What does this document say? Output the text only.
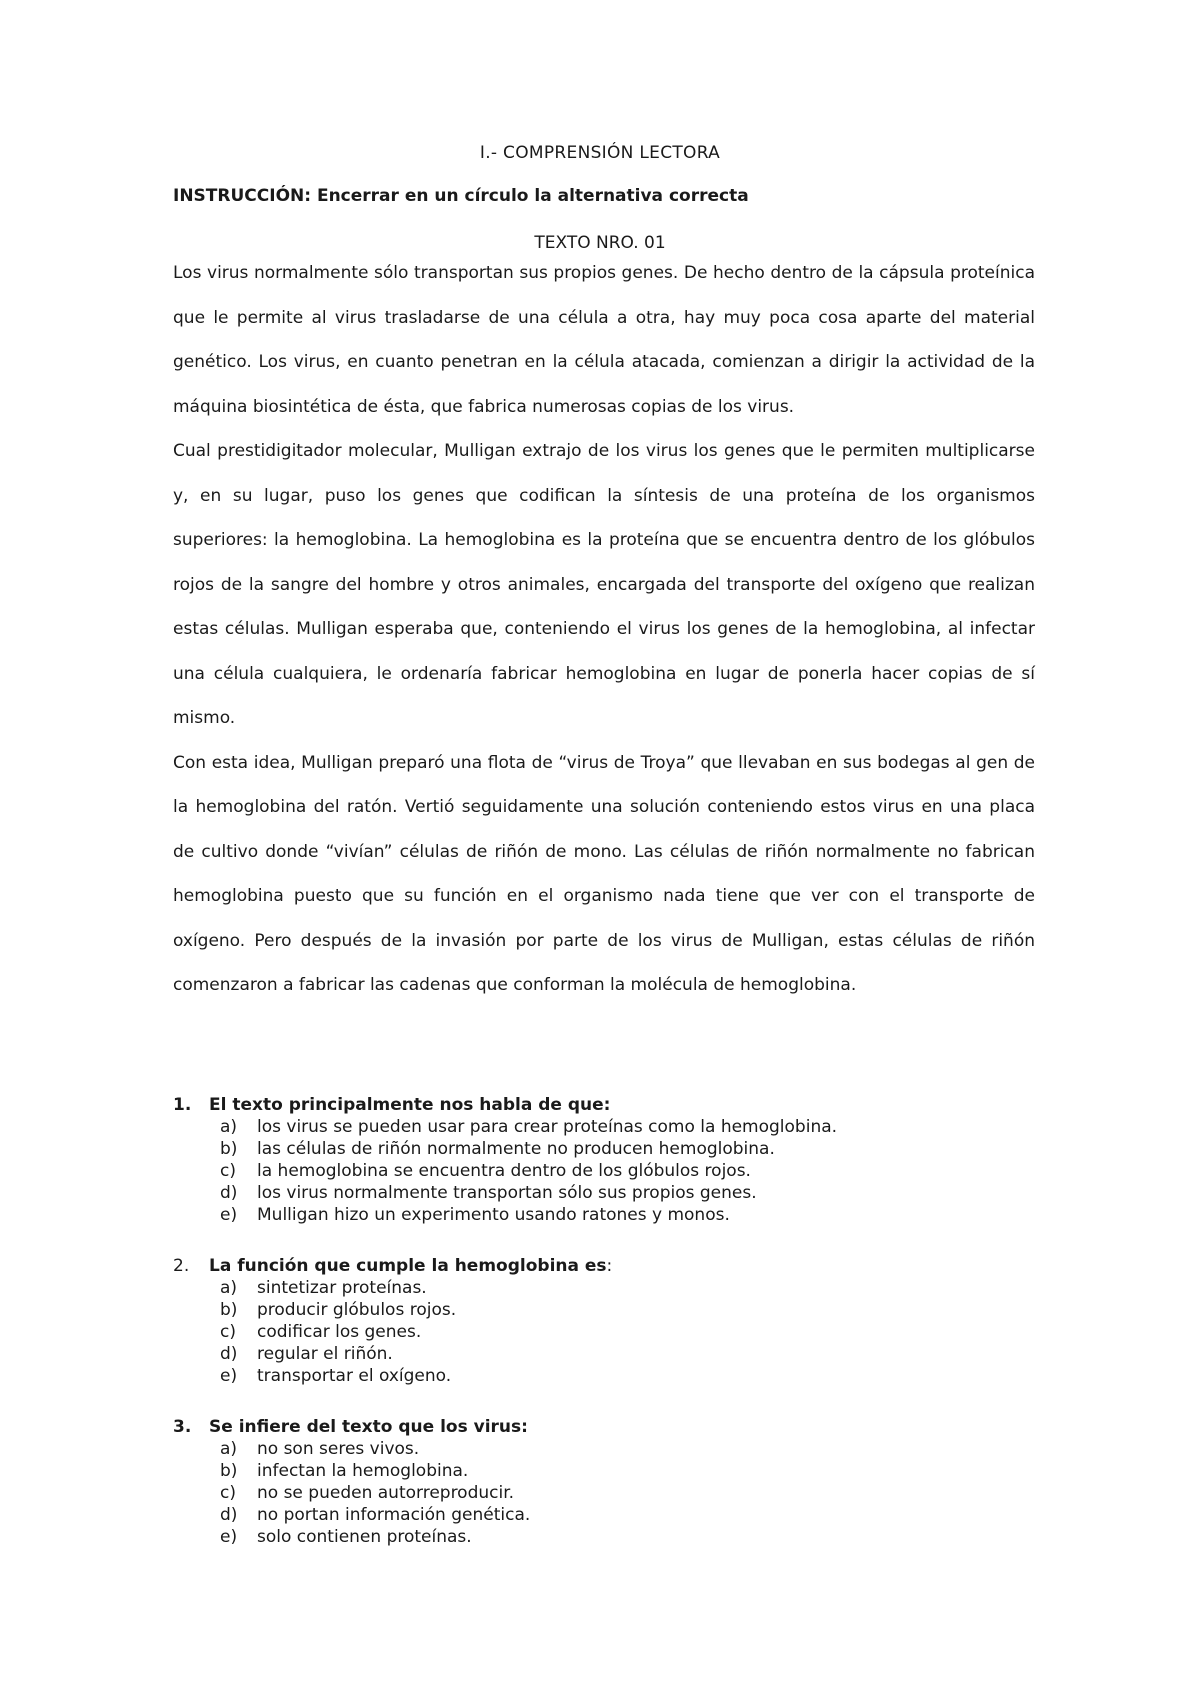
I.- COMPRENSIÓN LECTORA
INSTRUCCIÓN: Encerrar en un círculo la alternativa correcta
TEXTO NRO. 01

Los virus normalmente sólo transportan sus propios genes. De hecho dentro de la cápsula proteínica que le permite al virus trasladarse de una célula a otra, hay muy poca cosa aparte del material genético. Los virus, en cuanto penetran en la célula atacada, comienzan a dirigir la actividad de la máquina biosintética de ésta, que fabrica numerosas copias de los virus.

Cual prestidigitador molecular, Mulligan extrajo de los virus los genes que le permiten multiplicarse y, en su lugar, puso los genes que codifican la síntesis de una proteína de los organismos superiores: la hemoglobina. La hemoglobina es la proteína que se encuentra dentro de los glóbulos rojos de la sangre del hombre y otros animales, encargada del transporte del oxígeno que realizan estas células. Mulligan esperaba que, conteniendo el virus los genes de la hemoglobina, al infectar una célula cualquiera, le ordenaría fabricar hemoglobina en lugar de ponerla hacer copias de sí mismo.

Con esta idea, Mulligan preparó una flota de “virus de Troya” que llevaban en sus bodegas al gen de la hemoglobina del ratón. Vertió seguidamente una solución conteniendo estos virus en una placa de cultivo donde “vivían” células de riñón de mono. Las células de riñón normalmente no fabrican hemoglobina puesto que su función en el organismo nada tiene que ver con el transporte de oxígeno. Pero después de la invasión por parte de los virus de Mulligan, estas células de riñón comenzaron a fabricar las cadenas que conforman la molécula de hemoglobina.

1.	El texto principalmente nos habla de que:
a)	los virus se pueden usar para crear proteínas como la hemoglobina.
b)	las células de riñón normalmente no producen hemoglobina.
c)	la hemoglobina se encuentra dentro de los glóbulos rojos.
d)	los virus normalmente transportan sólo sus propios genes.
e)	Mulligan hizo un experimento usando ratones y monos.
2.	La función que cumple la hemoglobina es:
a)	sintetizar proteínas.
b)	producir glóbulos rojos.
c)	codificar los genes.
d)	regular el riñón.
e)	transportar el oxígeno.
3.	Se infiere del texto que los virus:
a)	no son seres vivos.
b)	infectan la hemoglobina.
c)	no se pueden autorreproducir.
d)	no portan información genética.
e)	solo contienen proteínas.
